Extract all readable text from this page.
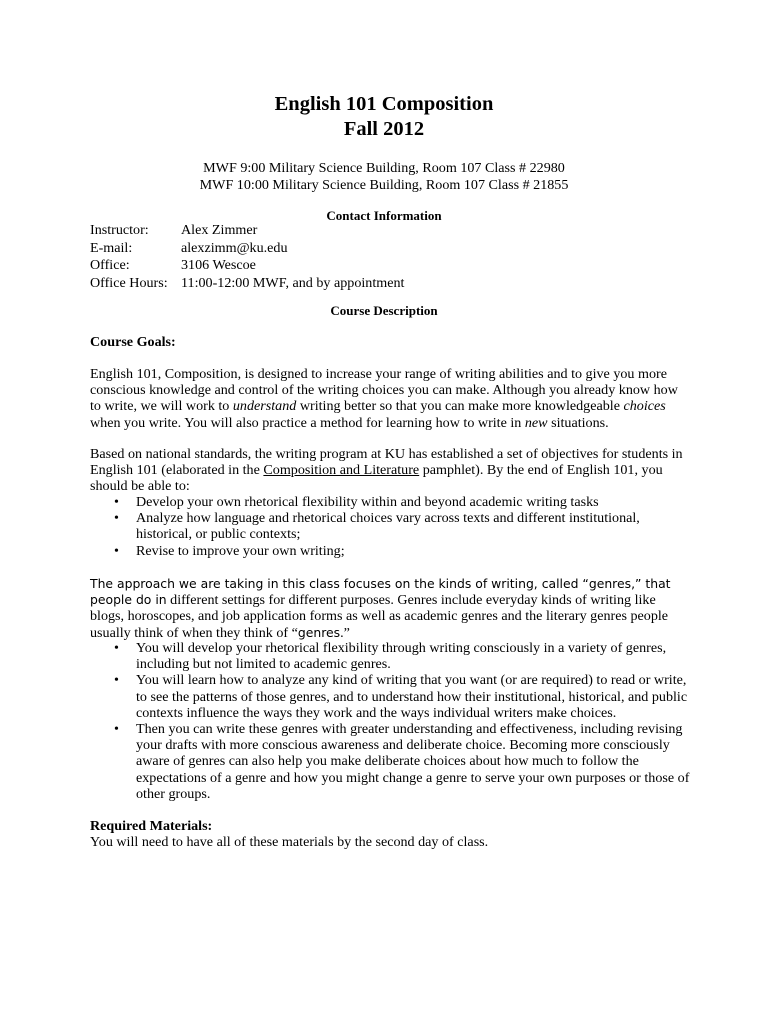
English 101 Composition
Fall 2012
MWF 9:00 Military Science Building, Room 107 Class # 22980
MWF 10:00 Military Science Building, Room 107 Class # 21855
Contact Information
Instructor:	Alex Zimmer
E-mail:	alexzimm@ku.edu
Office:	3106 Wescoe
Office Hours: 11:00-12:00 MWF, and by appointment
Course Description
Course Goals:
English 101, Composition, is designed to increase your range of writing abilities and to give you more conscious knowledge and control of the writing choices you can make. Although you already know how to write, we will work to understand writing better so that you can make more knowledgeable choices when you write. You will also practice a method for learning how to write in new situations.
Based on national standards, the writing program at KU has established a set of objectives for students in English 101 (elaborated in the Composition and Literature pamphlet). By the end of English 101, you should be able to:
• Develop your own rhetorical flexibility within and beyond academic writing tasks
• Analyze how language and rhetorical choices vary across texts and different institutional, historical, or public contexts;
• Revise to improve your own writing;
The approach we are taking in this class focuses on the kinds of writing, called “genres,” that people do in different settings for different purposes. Genres include everyday kinds of writing like blogs, horoscopes, and job application forms as well as academic genres and the literary genres people usually think of when they think of “genres.”
• You will develop your rhetorical flexibility through writing consciously in a variety of genres, including but not limited to academic genres.
• You will learn how to analyze any kind of writing that you want (or are required) to read or write, to see the patterns of those genres, and to understand how their institutional, historical, and public contexts influence the ways they work and the ways individual writers make choices.
• Then you can write these genres with greater understanding and effectiveness, including revising your drafts with more conscious awareness and deliberate choice. Becoming more consciously aware of genres can also help you make deliberate choices about how much to follow the expectations of a genre and how you might change a genre to serve your own purposes or those of other groups.
Required Materials:
You will need to have all of these materials by the second day of class.
